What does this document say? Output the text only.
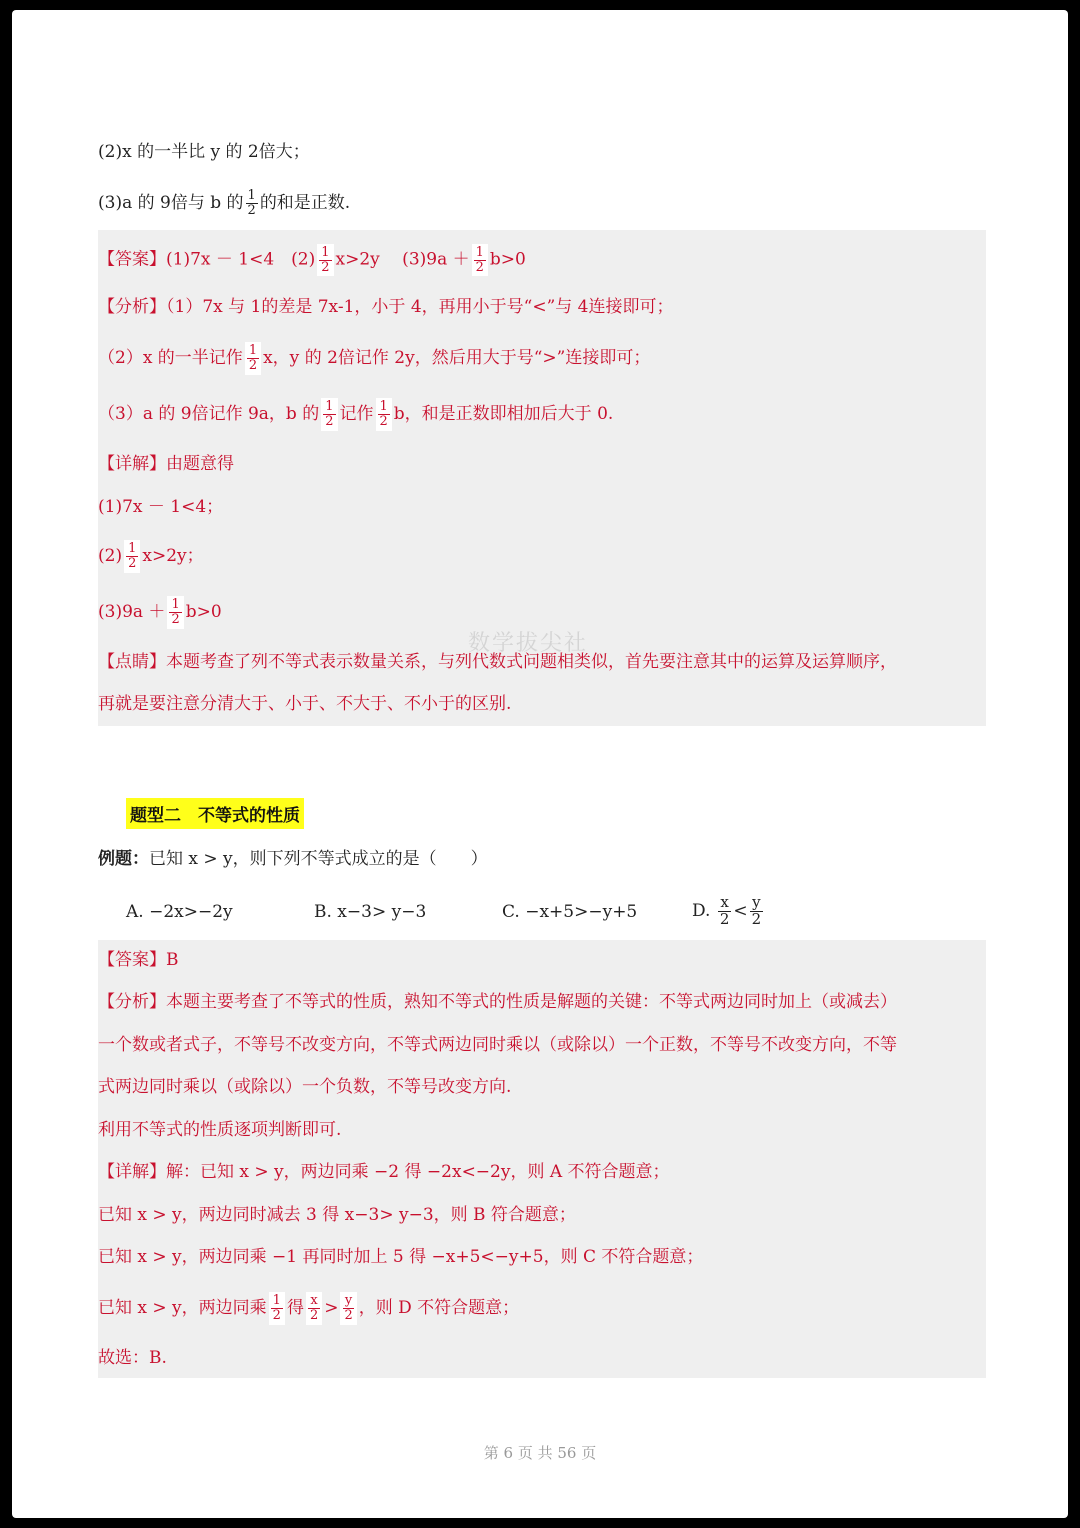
(2)x 的一半比 y 的 2倍大；
(3)a 的 9倍与 b 的 $\frac{1}{2}$ 的和是正数.
【答案】(1)7x － 1<4　$(2) \frac{1}{2} x>2y$　 $(3)9a + \frac{1}{2} b>0$
【分析】（1）7x 与 1的差是 7x-1，小于 4，再用小于号“<”与 4连接即可；
（2）x 的一半记作 $\frac{1}{2}$ x，y 的 2倍记作 2y，然后用大于号“>”连接即可；
（3）a 的 9倍记作 9a，b 的 $\frac{1}{2}$ 记作 $\frac{1}{2}$ b，和是正数即相加后大于 0.
【详解】由题意得
(1)7x － 1<4；
$(2) \frac{1}{2} x>2y$；
$(3)9a + \frac{1}{2} b>0$
数学拔尖社
【点睛】本题考查了列不等式表示数量关系，与列代数式问题相类似，首先要注意其中的运算及运算顺序，
再就是要注意分清大于、小于、不大于、不小于的区别.
题型二　不等式的性质
例题：已知 x > y，则下列不等式成立的是（　　）
A. −2x>−2y	B. x−3> y−3	C. −x+5>−y+5	D. $\frac{x}{2} < \frac{y}{2}$
【答案】B
【分析】本题主要考查了不等式的性质，熟知不等式的性质是解题的关键：不等式两边同时加上（或减去）
一个数或者式子，不等号不改变方向，不等式两边同时乘以（或除以）一个正数，不等号不改变方向，不等
式两边同时乘以（或除以）一个负数，不等号改变方向.
利用不等式的性质逐项判断即可.
【详解】解：已知 x > y，两边同乘 −2 得 −2x<−2y，则 A 不符合题意；
已知 x > y，两边同时减去 3 得 x−3> y−3，则 B 符合题意；
已知 x > y，两边同乘 −1 再同时加上 5 得 −x+5<−y+5，则 C 不符合题意；
已知 x > y，两边同乘 $\frac{1}{2}$ 得 $\frac{x}{2} > \frac{y}{2}$ ，则 D 不符合题意；
故选：B.
第 6 页 共 56 页
